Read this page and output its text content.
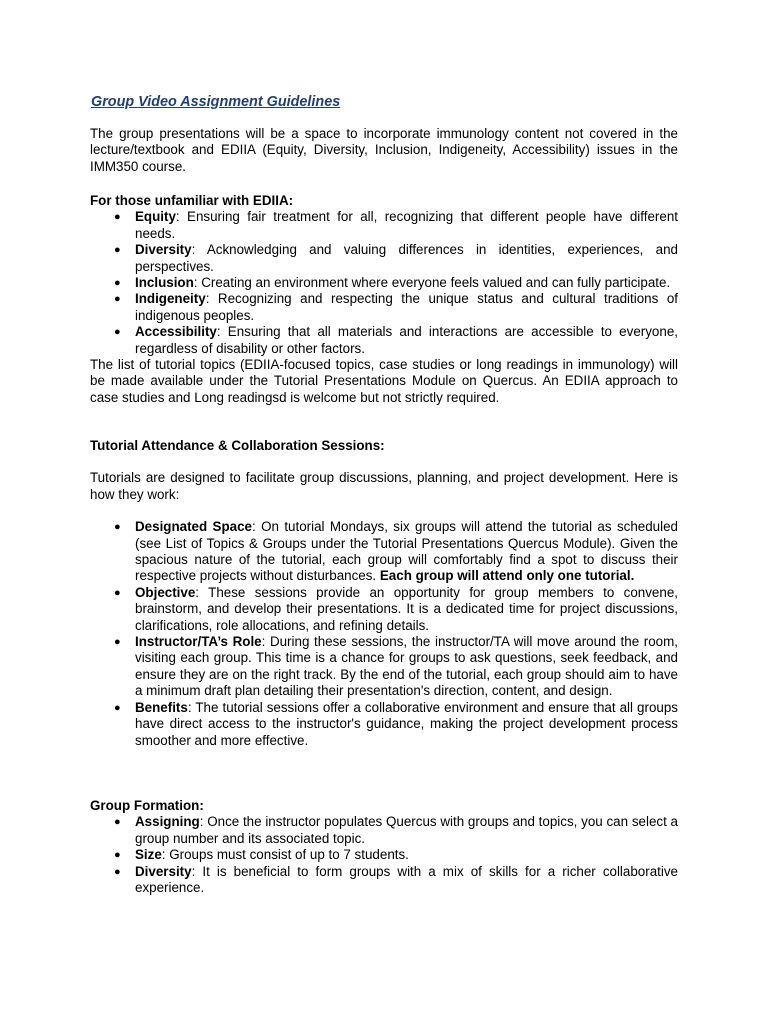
Group Video Assignment Guidelines

The group presentations will be a space to incorporate immunology content not covered in the lecture/textbook and EDIIA (Equity, Diversity, Inclusion, Indigeneity, Accessibility) issues in the IMM350 course.

For those unfamiliar with EDIIA:
● Equity: Ensuring fair treatment for all, recognizing that different people have different needs.
● Diversity: Acknowledging and valuing differences in identities, experiences, and perspectives.
● Inclusion: Creating an environment where everyone feels valued and can fully participate.
● Indigeneity: Recognizing and respecting the unique status and cultural traditions of indigenous peoples.
● Accessibility: Ensuring that all materials and interactions are accessible to everyone, regardless of disability or other factors.

The list of tutorial topics (EDIIA-focused topics, case studies or long readings in immunology) will be made available under the Tutorial Presentations Module on Quercus. An EDIIA approach to case studies and Long readingsd is welcome but not strictly required.

Tutorial Attendance & Collaboration Sessions:

Tutorials are designed to facilitate group discussions, planning, and project development. Here is how they work:

● Designated Space: On tutorial Mondays, six groups will attend the tutorial as scheduled (see List of Topics & Groups under the Tutorial Presentations Quercus Module). Given the spacious nature of the tutorial, each group will comfortably find a spot to discuss their respective projects without disturbances. Each group will attend only one tutorial.
● Objective: These sessions provide an opportunity for group members to convene, brainstorm, and develop their presentations. It is a dedicated time for project discussions, clarifications, role allocations, and refining details.
● Instructor/TA’s Role: During these sessions, the instructor/TA will move around the room, visiting each group. This time is a chance for groups to ask questions, seek feedback, and ensure they are on the right track. By the end of the tutorial, each group should aim to have a minimum draft plan detailing their presentation's direction, content, and design.
● Benefits: The tutorial sessions offer a collaborative environment and ensure that all groups have direct access to the instructor's guidance, making the project development process smoother and more effective.
Group Formation:
● Assigning: Once the instructor populates Quercus with groups and topics, you can select a group number and its associated topic.
● Size: Groups must consist of up to 7 students.
● Diversity: It is beneficial to form groups with a mix of skills for a richer collaborative experience.
